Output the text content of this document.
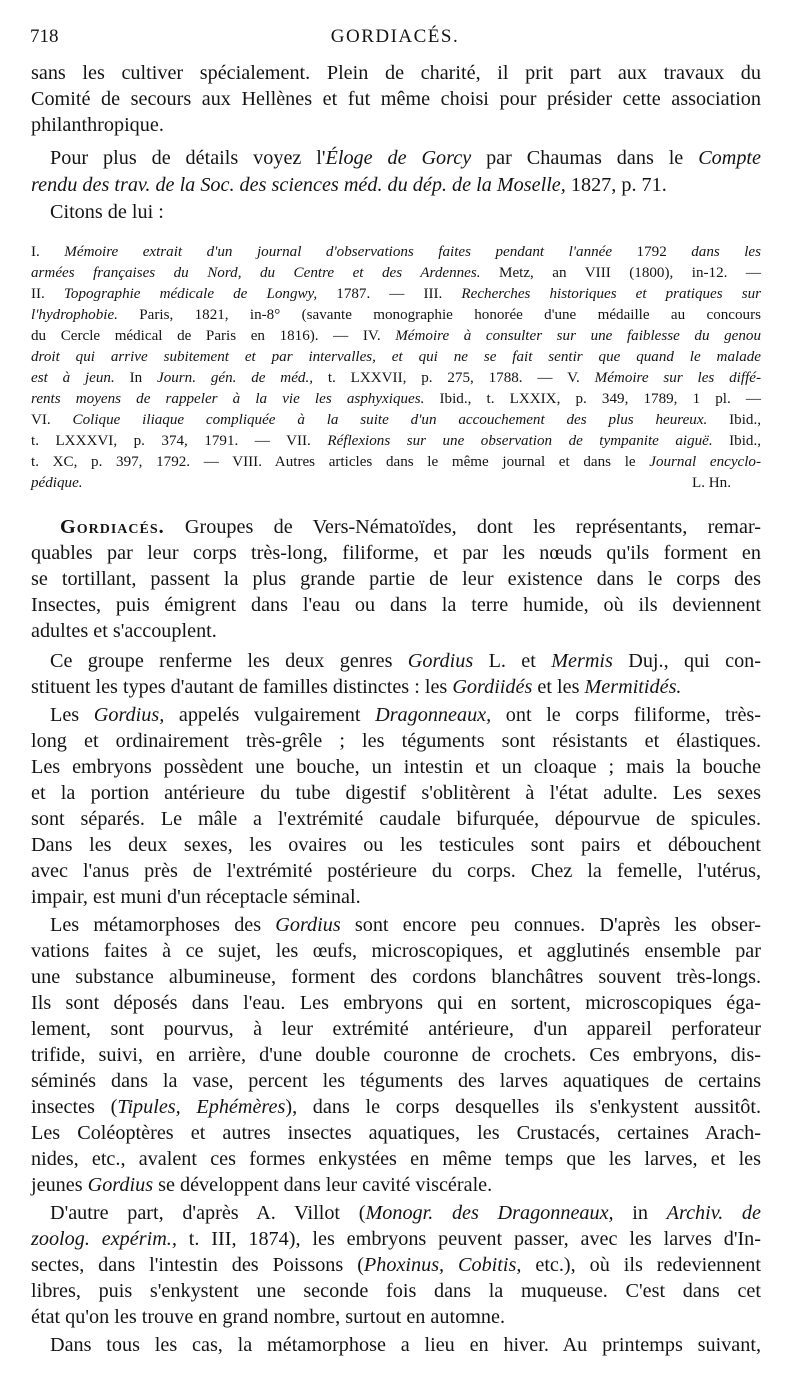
718	GORDIACÉS.
sans les cultiver spécialement. Plein de charité, il prit part aux travaux du
Comité de secours aux Hellènes et fut même choisi pour présider cette association
philanthropique.
Pour plus de détails voyez l'Éloge de Gorcy par Chaumas dans le Compte
rendu des trav. de la Soc. des sciences méd. du dép. de la Moselle, 1827, p. 71.
Citons de lui :
I. Mémoire extrait d'un journal d'observations faites pendant l'année 1792 dans les
armées françaises du Nord, du Centre et des Ardennes. Metz, an VIII (1800), in-12. —
II. Topographie médicale de Longwy, 1787. — III. Recherches historiques et pratiques sur
l'hydrophobie. Paris, 1821, in-8° (savante monographie honorée d'une médaille au concours
du Cercle médical de Paris en 1816). — IV. Mémoire à consulter sur une faiblesse du genou
droit qui arrive subitement et par intervalles, et qui ne se fait sentir que quand le malade
est à jeun. In Journ. gén. de méd., t. LXXVII, p. 275, 1788. — V. Mémoire sur les diffé-
rents moyens de rappeler à la vie les asphyxiques. Ibid., t. LXXIX, p. 349, 1789, 1 pl. —
VI. Colique iliaque compliquée à la suite d'un accouchement des plus heureux. Ibid.,
t. LXXXVI, p. 374, 1791. — VII. Réflexions sur une observation de tympanite aiguë. Ibid.,
t. XC, p. 397, 1792. — VIII. Autres articles dans le même journal et dans le Journal encyclo-
pédique.	L. Hn.
Gordiacés. Groupes de Vers-Nématoïdes, dont les représentants, remar-
quables par leur corps très-long, filiforme, et par les nœuds qu'ils forment en
se tortillant, passent la plus grande partie de leur existence dans le corps des
Insectes, puis émigrent dans l'eau ou dans la terre humide, où ils deviennent
adultes et s'accouplent.
Ce groupe renferme les deux genres Gordius L. et Mermis Duj., qui con-
stituent les types d'autant de familles distinctes : les Gordiidés et les Mermitidés.
Les Gordius, appelés vulgairement Dragonneaux, ont le corps filiforme, très-
long et ordinairement très-grêle ; les téguments sont résistants et élastiques.
Les embryons possèdent une bouche, un intestin et un cloaque ; mais la bouche
et la portion antérieure du tube digestif s'oblitèrent à l'état adulte. Les sexes
sont séparés. Le mâle a l'extrémité caudale bifurquée, dépourvue de spicules.
Dans les deux sexes, les ovaires ou les testicules sont pairs et débouchent
avec l'anus près de l'extrémité postérieure du corps. Chez la femelle, l'utérus,
impair, est muni d'un réceptacle séminal.
Les métamorphoses des Gordius sont encore peu connues. D'après les obser-
vations faites à ce sujet, les œufs, microscopiques, et agglutinés ensemble par
une substance albumineuse, forment des cordons blanchâtres souvent très-longs.
Ils sont déposés dans l'eau. Les embryons qui en sortent, microscopiques éga-
lement, sont pourvus, à leur extrémité antérieure, d'un appareil perforateur
trifide, suivi, en arrière, d'une double couronne de crochets. Ces embryons, dis-
séminés dans la vase, percent les téguments des larves aquatiques de certains
insectes (Tipules, Ephémères), dans le corps desquelles ils s'enkystent aussitôt.
Les Coléoptères et autres insectes aquatiques, les Crustacés, certaines Arach-
nides, etc., avalent ces formes enkystées en même temps que les larves, et les
jeunes Gordius se développent dans leur cavité viscérale.
D'autre part, d'après A. Villot (Monogr. des Dragonneaux, in Archiv. de
zoolog. expérim., t. III, 1874), les embryons peuvent passer, avec les larves d'In-
sectes, dans l'intestin des Poissons (Phoxinus, Cobitis, etc.), où ils redeviennent
libres, puis s'enkystent une seconde fois dans la muqueuse. C'est dans cet
état qu'on les trouve en grand nombre, surtout en automne.
Dans tous les cas, la métamorphose a lieu en hiver. Au printemps suivant,
